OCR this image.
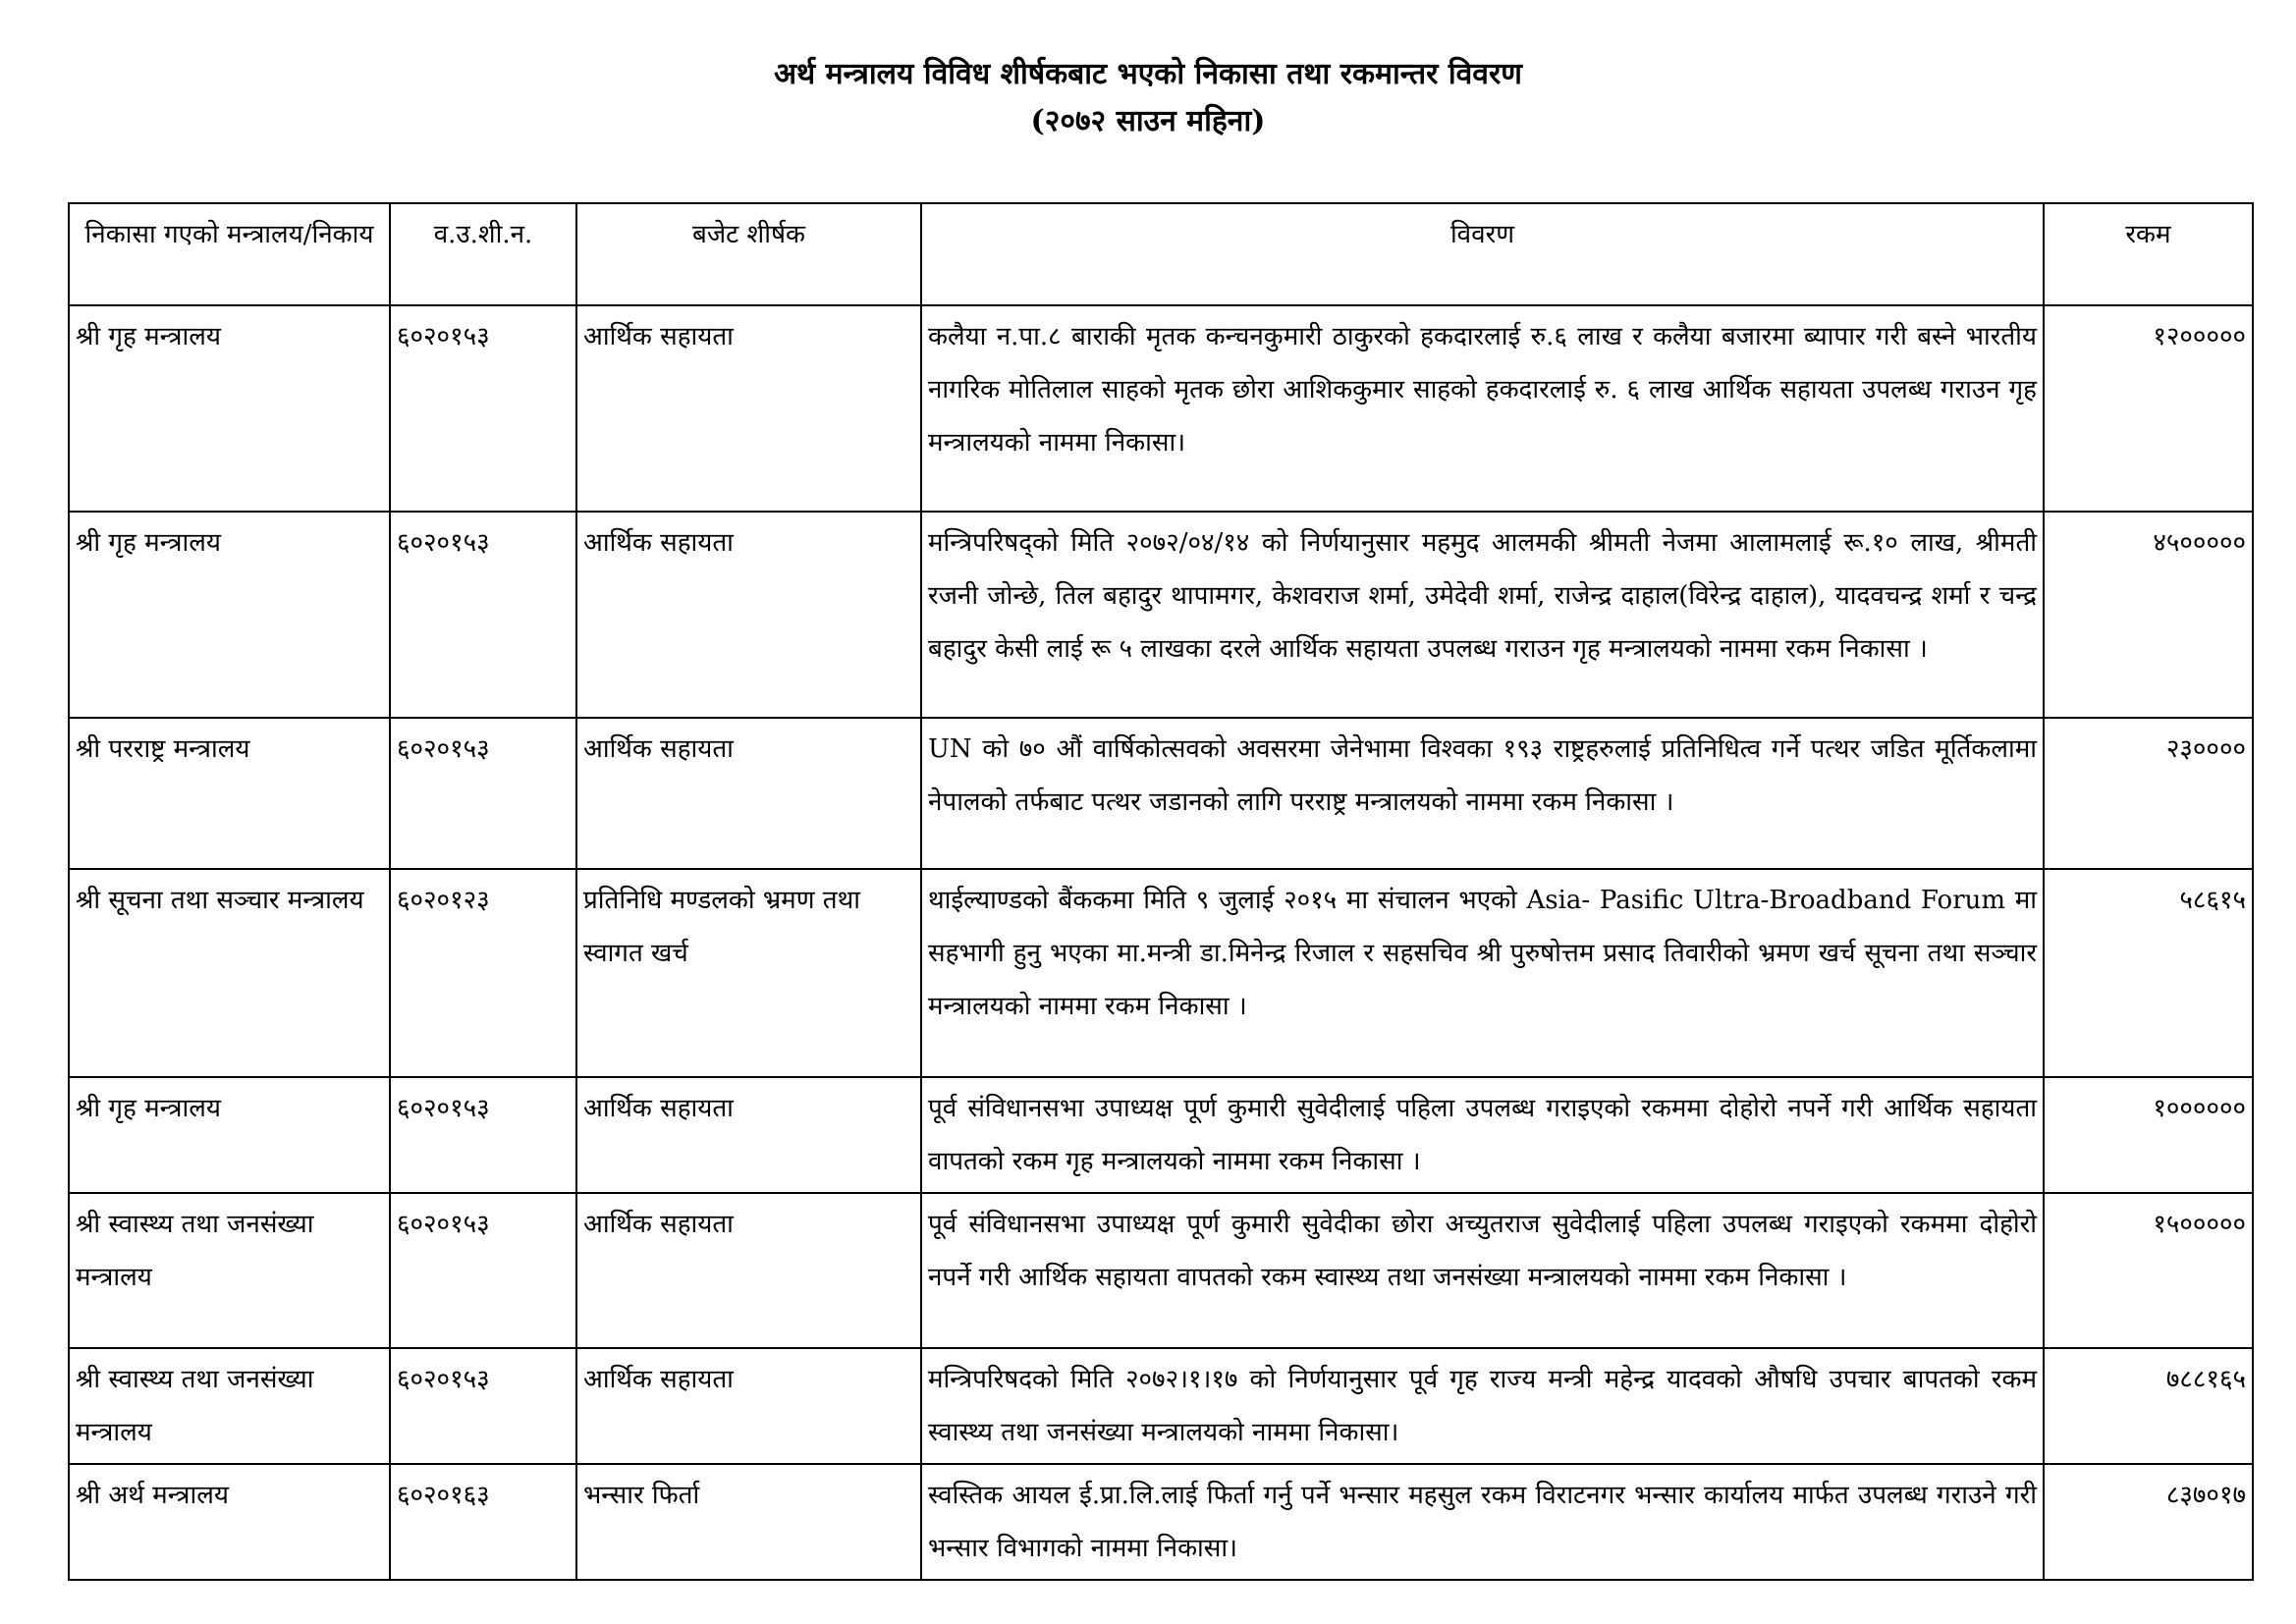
अर्थ मन्त्रालय विविध शीर्षकबाट भएको निकासा तथा रकमान्तर विवरण
(२०७२ साउन महिना)
निकासा गएको मन्त्रालय/निकाय	व.उ.शी.न.	बजेट शीर्षक	विवरण	रकम
श्री गृह मन्त्रालय	६०२०१५३	आर्थिक सहायता	कलैया न.पा.८ बाराकी मृतक कन्चनकुमारी ठाकुरको हकदारलाई रु.६ लाख र कलैया बजारमा ब्यापार गरी बस्ने भारतीय नागरिक मोतिलाल साहको मृतक छोरा आशिककुमार साहको हकदारलाई रु. ६ लाख आर्थिक सहायता उपलब्ध गराउन गृह मन्त्रालयको नाममा निकासा।	१२०००००
श्री गृह मन्त्रालय	६०२०१५३	आर्थिक सहायता	मन्त्रिपरिषद्को मिति २०७२/०४/१४ को निर्णयानुसार महमुद आलमकी श्रीमती नेजमा आलामलाई रू.१० लाख, श्रीमती रजनी जोन्छे, तिल बहादुर थापामगर, केशवराज शर्मा, उमेदेवी शर्मा, राजेन्द्र दाहाल(विरेन्द्र दाहाल), यादवचन्द्र शर्मा र चन्द्र बहादुर केसी लाई रू ५ लाखका दरले आर्थिक सहायता उपलब्ध गराउन गृह मन्त्रालयको नाममा रकम निकासा ।	४५०००००
श्री परराष्ट्र मन्त्रालय	६०२०१५३	आर्थिक सहायता	UN को ७० औं वार्षिकोत्सवको अवसरमा जेनेभामा विश्वका १९३ राष्ट्रहरुलाई प्रतिनिधित्व गर्ने पत्थर जडित मूर्तिकलामा नेपालको तर्फबाट पत्थर जडानको लागि परराष्ट्र मन्त्रालयको नाममा रकम निकासा ।	२३००००
श्री सूचना तथा सञ्चार मन्त्रालय	६०२०१२३	प्रतिनिधि मण्डलको भ्रमण तथा स्वागत खर्च	थाईल्याण्डको बैंककमा मिति ९ जुलाई २०१५ मा संचालन भएको Asia- Pasific Ultra-Broadband Forum मा सहभागी हुनु भएका मा.मन्त्री डा.मिनेन्द्र रिजाल र सहसचिव श्री पुरुषोत्तम प्रसाद तिवारीको भ्रमण खर्च सूचना तथा सञ्चार मन्त्रालयको नाममा रकम निकासा ।	५८६१५
श्री गृह मन्त्रालय	६०२०१५३	आर्थिक सहायता	पूर्व संविधानसभा उपाध्यक्ष पूर्ण कुमारी सुवेदीलाई पहिला उपलब्ध गराइएको रकममा दोहोरो नपर्ने गरी आर्थिक सहायता वापतको रकम गृह मन्त्रालयको नाममा रकम निकासा ।	१००००००
श्री स्वास्थ्य तथा जनसंख्या मन्त्रालय	६०२०१५३	आर्थिक सहायता	पूर्व संविधानसभा उपाध्यक्ष पूर्ण कुमारी सुवेदीका छोरा अच्युतराज सुवेदीलाई पहिला उपलब्ध गराइएको रकममा दोहोरो नपर्ने गरी आर्थिक सहायता वापतको रकम स्वास्थ्य तथा जनसंख्या मन्त्रालयको नाममा रकम निकासा ।	१५०००००
श्री स्वास्थ्य तथा जनसंख्या मन्त्रालय	६०२०१५३	आर्थिक सहायता	मन्त्रिपरिषदको मिति २०७२।१।१७ को निर्णयानुसार पूर्व गृह राज्य मन्त्री महेन्द्र यादवको औषधि उपचार बापतको रकम स्वास्थ्य तथा जनसंख्या मन्त्रालयको नाममा निकासा।	७८८१६५
श्री अर्थ मन्त्रालय	६०२०१६३	भन्सार फिर्ता	स्वस्तिक आयल ई.प्रा.लि.लाई फिर्ता गर्नु पर्ने भन्सार महसुल रकम विराटनगर भन्सार कार्यालय मार्फत उपलब्ध गराउने गरी भन्सार विभागको नाममा निकासा।	८३७०१७
